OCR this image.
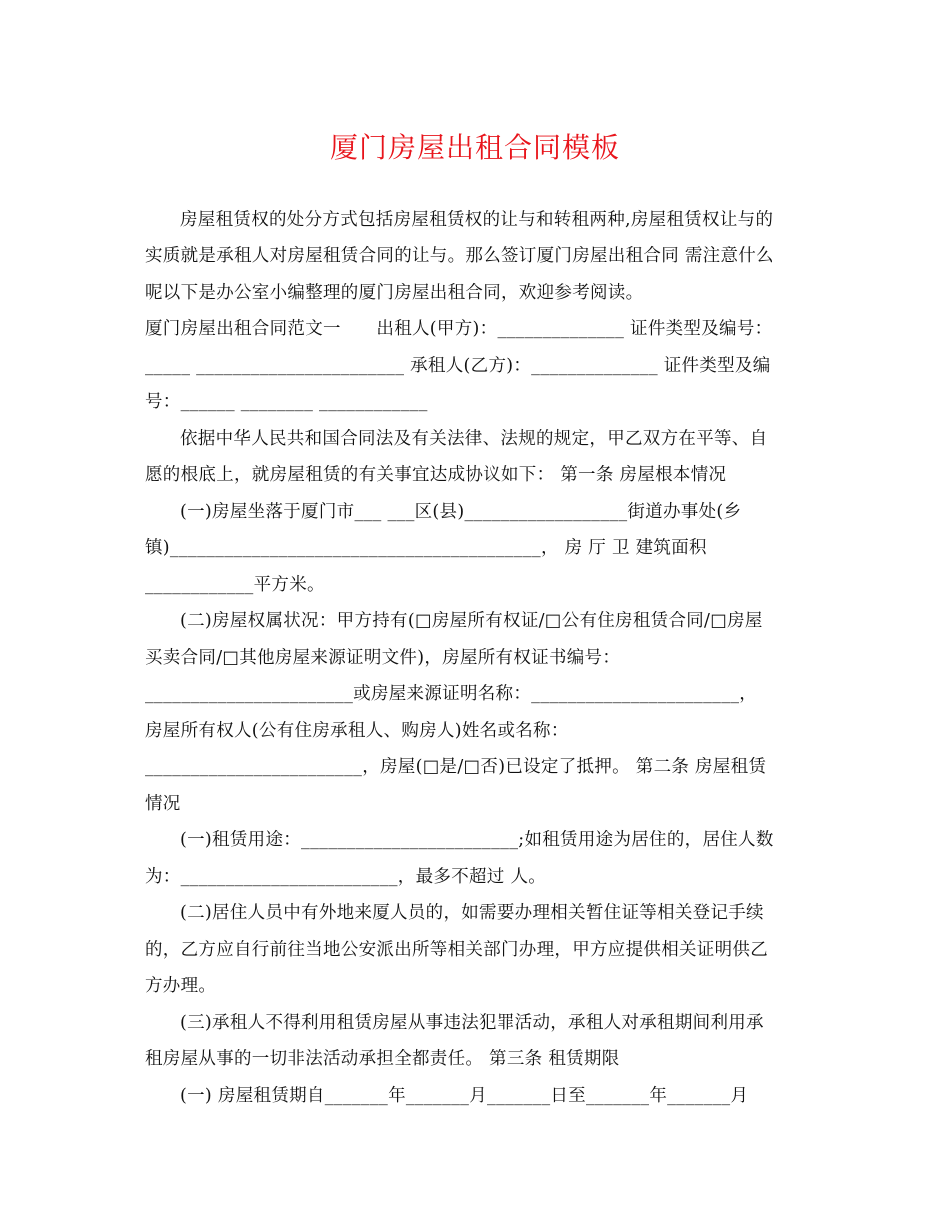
厦门房屋出租合同模板
房屋租赁权的处分方式包括房屋租赁权的让与和转租两种,房屋租赁权让与的
实质就是承租人对房屋租赁合同的让与。那么签订厦门房屋出租合同 需注意什么
呢以下是办公室小编整理的厦门房屋出租合同，欢迎参考阅读。
厦门房屋出租合同范文一　　出租人(甲方)：______________ 证件类型及编号：
_____ _______________________ 承租人(乙方)：______________ 证件类型及编
号：______ ________ ____________
依据中华人民共和国合同法及有关法律、法规的规定，甲乙双方在平等、自
愿的根底上，就房屋租赁的有关事宜达成协议如下： 第一条 房屋根本情况
(一)房屋坐落于厦门市___ ___区(县)__________________街道办事处(乡
镇)_________________________________________， 房 厅 卫 建筑面积
____________平方米。
(二)房屋权属状况：甲方持有(□房屋所有权证/□公有住房租赁合同/□房屋
买卖合同/□其他房屋来源证明文件)，房屋所有权证书编号：
_______________________或房屋来源证明名称：_______________________，
房屋所有权人(公有住房承租人、购房人)姓名或名称：
________________________，房屋(□是/□否)已设定了抵押。 第二条 房屋租赁
情况
(一)租赁用途：________________________;如租赁用途为居住的，居住人数
为：________________________，最多不超过 人。
(二)居住人员中有外地来厦人员的，如需要办理相关暂住证等相关登记手续
的，乙方应自行前往当地公安派出所等相关部门办理，甲方应提供相关证明供乙
方办理。
(三)承租人不得利用租赁房屋从事违法犯罪活动，承租人对承租期间利用承
租房屋从事的一切非法活动承担全都责任。 第三条 租赁期限
(一) 房屋租赁期自_______年_______月_______日至_______年_______月
